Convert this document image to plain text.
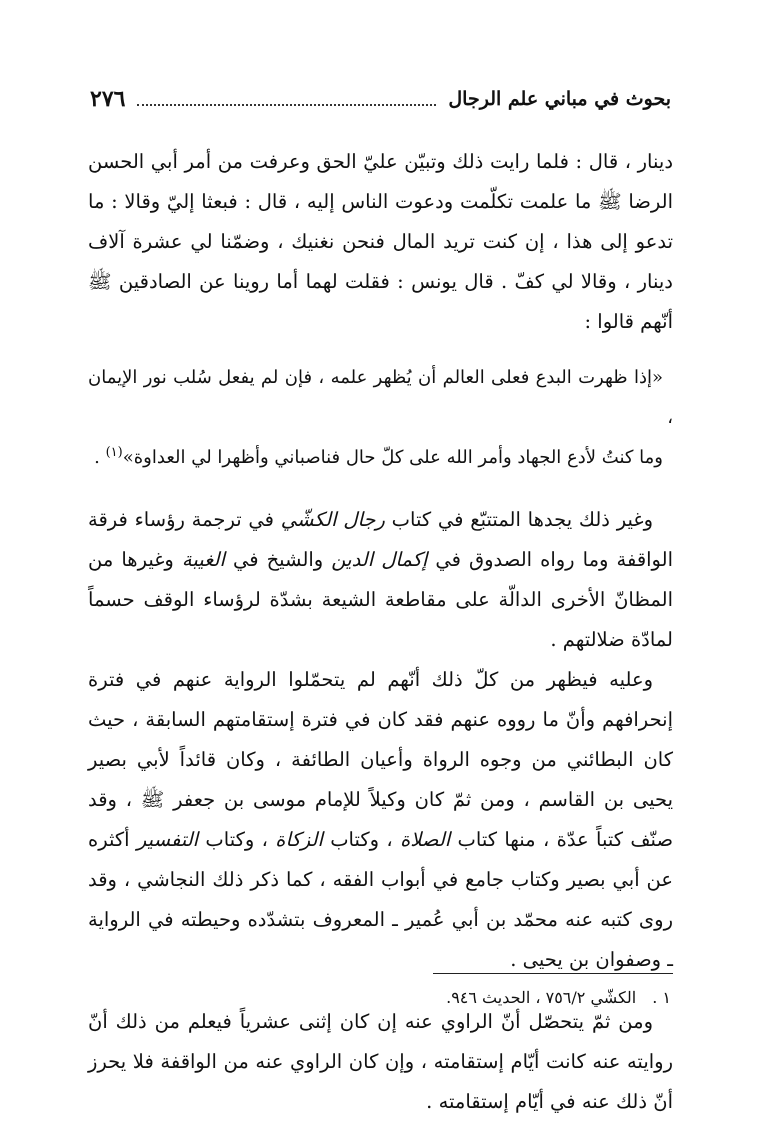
بحوث في مباني علم الرجال
٢٧٦

دينار ، قال : فلما رايت ذلك وتبيّن عليّ الحق وعرفت من أمر أبي الحسن الرضا ﷺ ما علمت تكلّمت ودعوت الناس إليه ، قال : فبعثا إليّ وقالا : ما تدعو إلى هذا ، إن كنت تريد المال فنحن نغنيك ، وضمّنا لي عشرة آلاف دينار ، وقالا لي كفّ . قال يونس : فقلت لهما أما روينا عن الصادقين ﷺ أنّهم قالوا :

«إذا ظهرت البدع فعلى العالم أن يُظهر علمه ، فإن لم يفعل سُلب نور الإيمان ،
وما كنتُ لأدع الجهاد وأمر الله على كلّ حال فناصباني وأظهرا لي العداوة»$^{(١)}$ .

وغير ذلك يجدها المتتبّع في كتاب رجال الكشّي في ترجمة رؤساء فرقة الواقفة وما رواه الصدوق في إكمال الدين والشيخ في الغيبة وغيرها من المظانّ الأخرى الدالّة على مقاطعة الشيعة بشدّة لرؤساء الوقف حسماً لمادّة ضلالتهم .

وعليه فيظهر من كلّ ذلك أنّهم لم يتحمّلوا الرواية عنهم في فترة إنحرافهم وأنّ ما رووه عنهم فقد كان في فترة إستقامتهم السابقة ، حيث كان البطائني من وجوه الرواة وأعيان الطائفة ، وكان قائداً لأبي بصير يحيى بن القاسم ، ومن ثمّ كان وكيلاً للإمام موسى بن جعفر ﷺ ، وقد صنّف كتباً عدّة ، منها كتاب الصلاة ، وكتاب الزكاة ، وكتاب التفسير أكثره عن أبي بصير وكتاب جامع في أبواب الفقه ، كما ذكر ذلك النجاشي ، وقد روى كتبه عنه محمّد بن أبي عُمير ـ المعروف بتشدّده وحيطته في الرواية ـ وصفوان بن يحيى .

ومن ثمّ يتحصّل أنّ الراوي عنه إن كان إثنى عشرياً فيعلم من ذلك أنّ روايته عنه كانت أيّام إستقامته ، وإن كان الراوي عنه من الواقفة فلا يحرز أنّ ذلك عنه في أيّام إستقامته .

١ .الكشّي ٧٥٦/٢ ، الحديث ٩٤٦.
